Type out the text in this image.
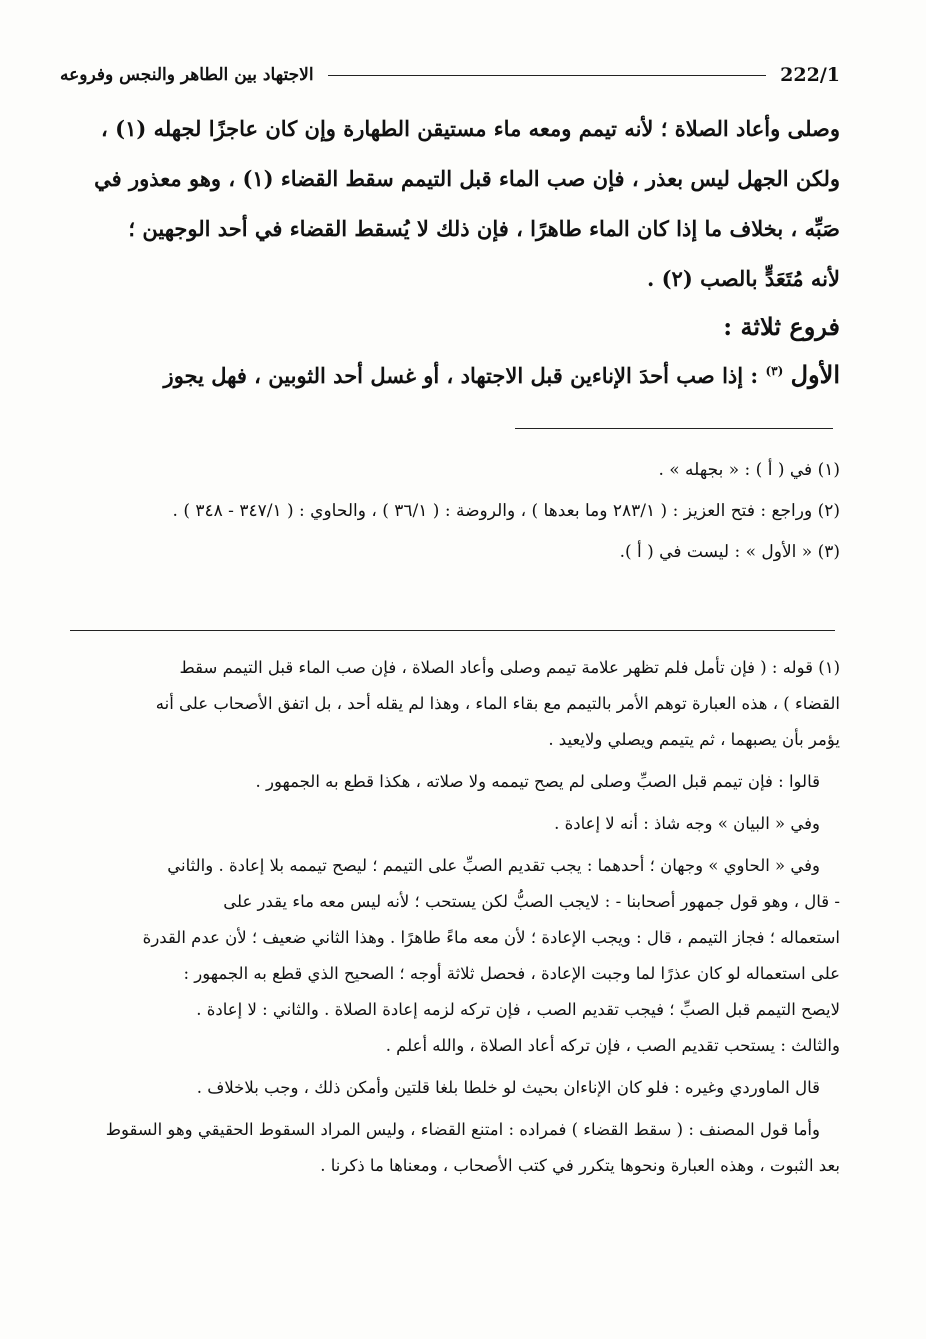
222/1
الاجتهاد بين الطاهر والنجس وفروعه
وصلى وأعاد الصلاة ؛ لأنه تيمم ومعه ماء مستيقن الطهارة وإن كان عاجزًا لجهله (١) ،
ولكن الجهل ليس بعذر ، فإن صب الماء قبل التيمم سقط القضاء (١) ، وهو معذور في
صَبِّه ، بخلاف ما إذا كان الماء طاهرًا ، فإن ذلك لا يُسقط القضاء في أحد الوجهين ؛
لأنه مُتَعَدٍّ بالصب (٢) .
فروع ثلاثة :
الأول $^{(٣)}$ : إذا صب أحدَ الإناءين قبل الاجتهاد ، أو غسل أحد الثوبين ، فهل يجوز
(١) في ( أ ) : « بجهله » .
(٢) وراجع : فتح العزيز : ( ٢٨٣/١ وما بعدها ) ، والروضة : ( ٣٦/١ ) ، والحاوي : ( ٣٤٧/١ - ٣٤٨ ) .
(٣) « الأول » : ليست في ( أ ).
(١) قوله : ( فإن تأمل فلم تظهر علامة تيمم وصلى وأعاد الصلاة ، فإن صب الماء قبل التيمم سقط
القضاء ) ، هذه العبارة توهم الأمر بالتيمم مع بقاء الماء ، وهذا لم يقله أحد ، بل اتفق الأصحاب على أنه
يؤمر بأن يصبهما ، ثم يتيمم ويصلي ولايعيد .
قالوا : فإن تيمم قبل الصبِّ وصلى لم يصح تيممه ولا صلاته ، هكذا قطع به الجمهور .
وفي « البيان » وجه شاذ : أنه لا إعادة .
وفي « الحاوي » وجهان ؛ أحدهما : يجب تقديم الصبِّ على التيمم ؛ ليصح تيممه بلا إعادة . والثاني
- قال ، وهو قول جمهور أصحابنا - : لايجب الصبُّ لكن يستحب ؛ لأنه ليس معه ماء يقدر على
استعماله ؛ فجاز التيمم ، قال : ويجب الإعادة ؛ لأن معه ماءً طاهرًا . وهذا الثاني ضعيف ؛ لأن عدم القدرة
على استعماله لو كان عذرًا لما وجبت الإعادة ، فحصل ثلاثة أوجه ؛ الصحيح الذي قطع به الجمهور :
لايصح التيمم قبل الصبِّ ؛ فيجب تقديم الصب ، فإن تركه لزمه إعادة الصلاة . والثاني : لا إعادة .
والثالث : يستحب تقديم الصب ، فإن تركه أعاد الصلاة ، والله أعلم .
قال الماوردي وغيره : فلو كان الإناءان بحيث لو خلطا بلغا قلتين وأمكن ذلك ، وجب بلاخلاف .
وأما قول المصنف : ( سقط القضاء ) فمراده : امتنع القضاء ، وليس المراد السقوط الحقيقي وهو السقوط
بعد الثبوت ، وهذه العبارة ونحوها يتكرر في كتب الأصحاب ، ومعناها ما ذكرنا .
